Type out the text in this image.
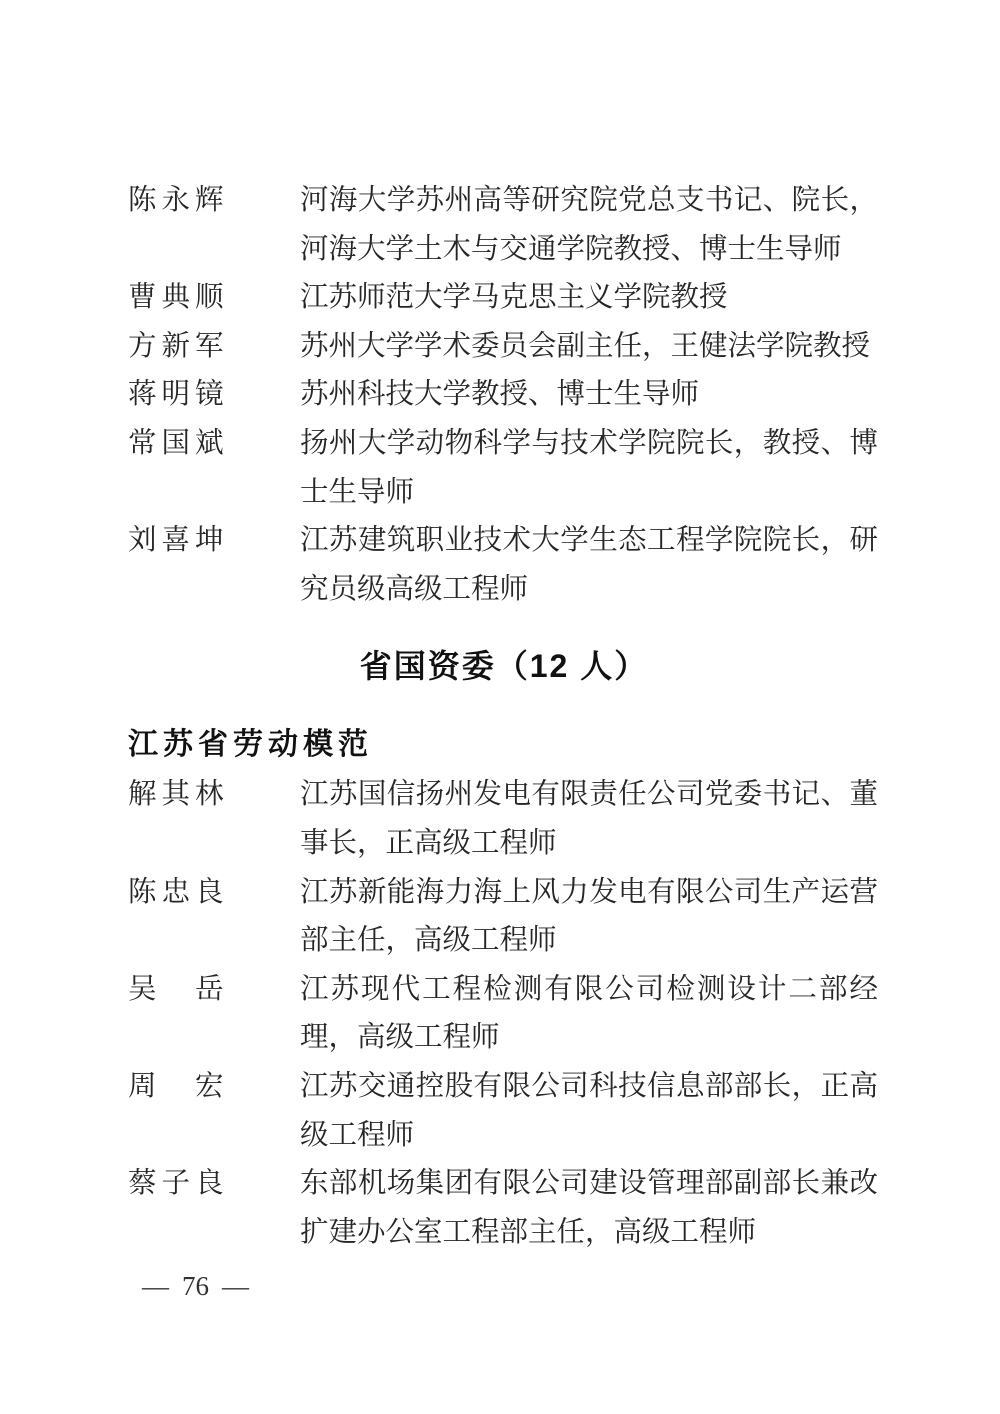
陈永辉	河海大学苏州高等研究院党总支书记、院长，河海大学土木与交通学院教授、博士生导师
曹典顺	江苏师范大学马克思主义学院教授
方新军	苏州大学学术委员会副主任，王健法学院教授
蒋明镜	苏州科技大学教授、博士生导师
常国斌	扬州大学动物科学与技术学院院长，教授、博士生导师
刘喜坤	江苏建筑职业技术大学生态工程学院院长，研究员级高级工程师
省国资委（12 人）
江苏省劳动模范
解其林	江苏国信扬州发电有限责任公司党委书记、董事长，正高级工程师
陈忠良	江苏新能海力海上风力发电有限公司生产运营部主任，高级工程师
吴　岳	江苏现代工程检测有限公司检测设计二部经理，高级工程师
周　宏	江苏交通控股有限公司科技信息部部长，正高级工程师
蔡子良	东部机场集团有限公司建设管理部副部长兼改扩建办公室工程部主任，高级工程师
— 76 —
